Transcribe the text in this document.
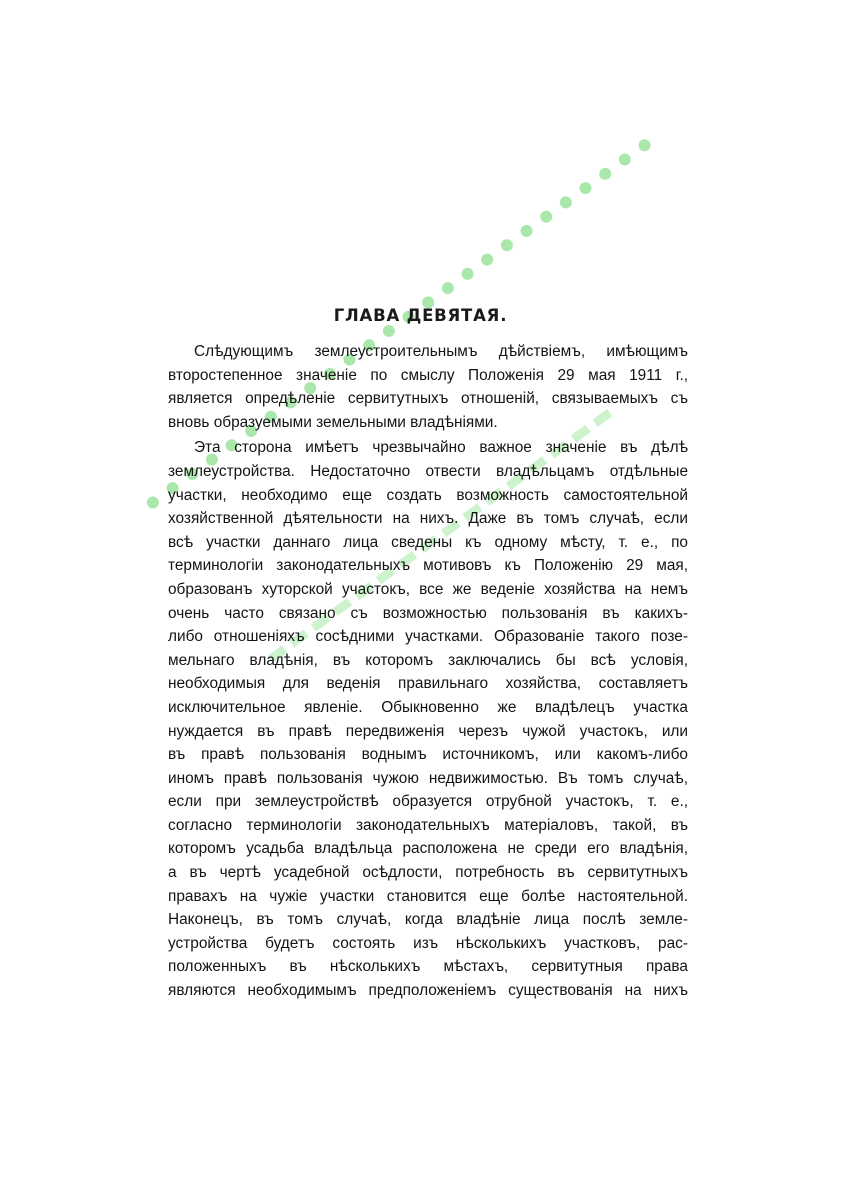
ГЛАВА ДЕВЯТАЯ.
Слѣдующимъ землеустроительнымъ дѣйствіемъ, имѣющимъ
второстепенное значеніе по смыслу Положенія 29 мая 1911 г.,
является опредѣленіе сервитутныхъ отношеній, связываемыхъ съ
вновь образуемыми земельными владѣніями.
Эта сторона имѣетъ чрезвычайно важное значеніе въ дѣлѣ
землеустройства. Недостаточно отвести владѣльцамъ отдѣльные
участки, необходимо еще создать возможность самостоятельной
хозяйственной дѣятельности на нихъ. Даже въ томъ случаѣ, если
всѣ участки даннаго лица сведены къ одному мѣсту, т. е., по
терминологіи законодательныхъ мотивовъ къ Положенію 29 мая,
образованъ хуторской участокъ, все же веденіе хозяйства на немъ
очень часто связано съ возможностью пользованія въ какихъ-
либо отношеніяхъ сосѣдними участками. Образованіе такого позе-
мельнаго владѣнія, въ которомъ заключались бы всѣ условія,
необходимыя для веденія правильнаго хозяйства, составляетъ
исключительное явленіе. Обыкновенно же владѣлецъ участка
нуждается въ правѣ передвиженія черезъ чужой участокъ, или
въ правѣ пользованія воднымъ источникомъ, или какомъ-либо
иномъ правѣ пользованія чужою недвижимостью. Въ томъ случаѣ,
если при землеустройствѣ образуется отрубной участокъ, т. е.,
согласно терминологіи законодательныхъ матеріаловъ, такой, въ
которомъ усадьба владѣльца расположена не среди его владѣнія,
а въ чертѣ усадебной осѣдлости, потребность въ сервитутныхъ
правахъ на чужіе участки становится еще болѣе настоятельной.
Наконецъ, въ томъ случаѣ, когда владѣніе лица послѣ земле-
устройства будетъ состоять изъ нѣсколькихъ участковъ, рас-
положенныхъ въ нѣсколькихъ мѣстахъ, сервитутныя права
являются необходимымъ предположеніемъ существованія на нихъ
